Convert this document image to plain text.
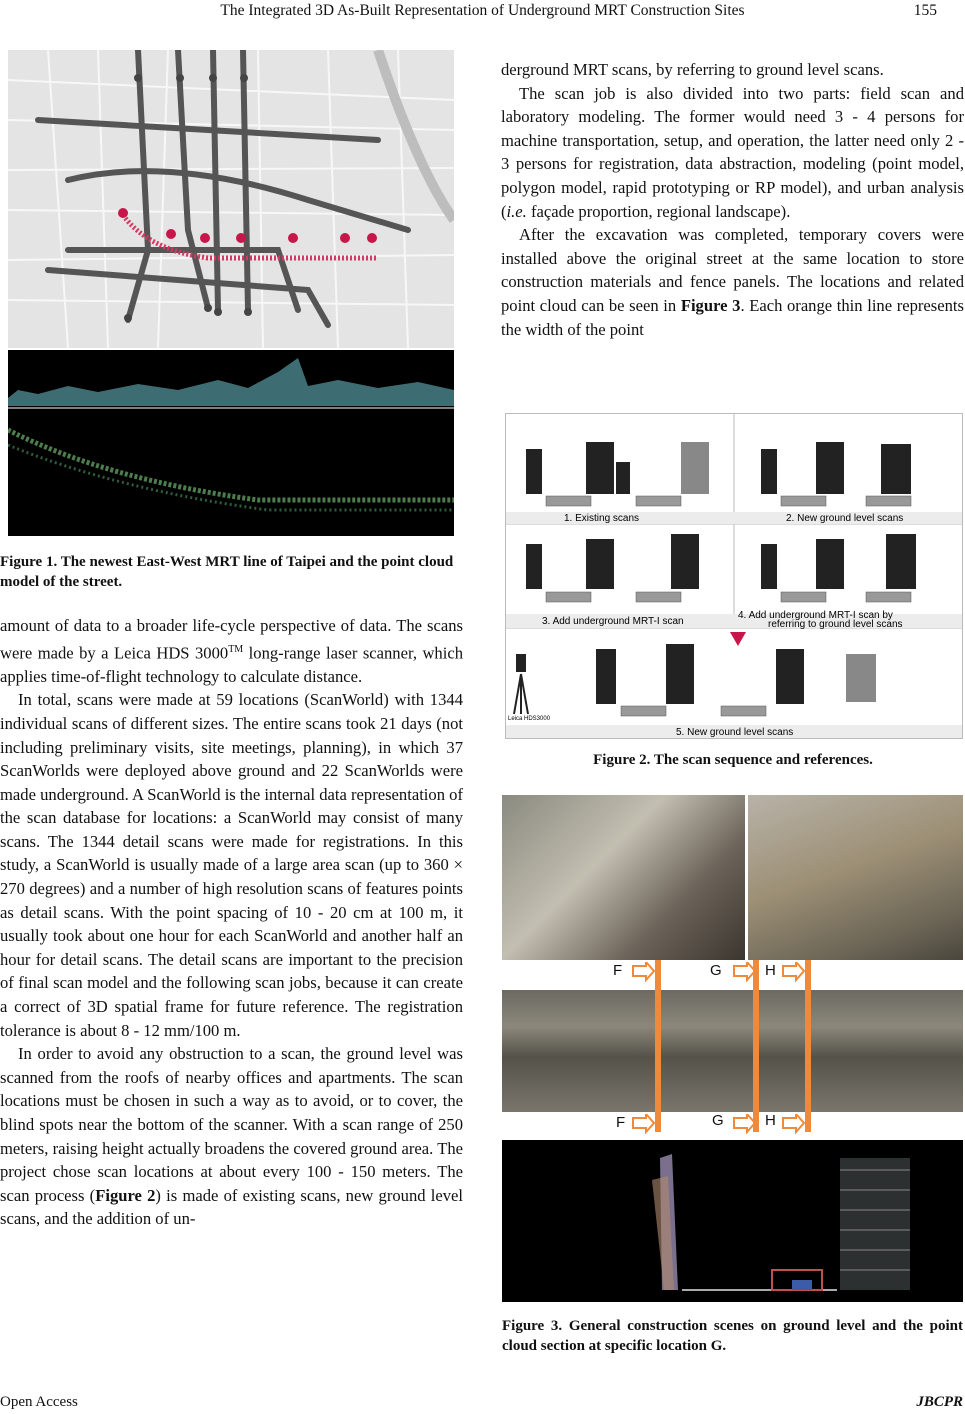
The Integrated 3D As-Built Representation of Underground MRT Construction Sites	155
Figure 1. The newest East-West MRT line of Taipei and the point cloud model of the street.

amount of data to a broader life-cycle perspective of data. The scans were made by a Leica HDS 3000™ long-range laser scanner, which applies time-of-flight technology to calculate distance.

In total, scans were made at 59 locations (ScanWorld) with 1344 individual scans of different sizes. The entire scans took 21 days (not including preliminary visits, site meetings, planning), in which 37 ScanWorlds were deployed above ground and 22 ScanWorlds were made underground. A ScanWorld is the internal data representation of the scan database for locations: a ScanWorld may consist of many scans. The 1344 detail scans were made for registrations. In this study, a ScanWorld is usually made of a large area scan (up to 360 × 270 degrees) and a number of high resolution scans of features points as detail scans. With the point spacing of 10 - 20 cm at 100 m, it usually took about one hour for each ScanWorld and another half an hour for detail scans. The detail scans are important to the precision of final scan model and the following scan jobs, because it can create a correct of 3D spatial frame for future reference. The registration tolerance is about 8 - 12 mm/100 m.

In order to avoid any obstruction to a scan, the ground level was scanned from the roofs of nearby offices and apartments. The scan locations must be chosen in such a way as to avoid, or to cover, the blind spots near the bottom of the scanner. With a scan range of 250 meters, raising height actually broadens the covered ground area. The project chose scan locations at about every 100 - 150 meters. The scan process (Figure 2) is made of existing scans, new ground level scans, and the addition of un-

derground MRT scans, by referring to ground level scans.

The scan job is also divided into two parts: field scan and laboratory modeling. The former would need 3 - 4 persons for machine transportation, setup, and operation, the latter need only 2 - 3 persons for registration, data abstraction, modeling (point model, polygon model, rapid prototyping or RP model), and urban analysis (i.e. façade proportion, regional landscape).

After the excavation was completed, temporary covers were installed above the original street at the same location to store construction materials and fence panels. The locations and related point cloud can be seen in Figure 3. Each orange thin line represents the width of the point

1. Existing scans	2. New ground level scans
3. Add underground MRT-I scan
4. Add underground MRT-I scan by
referring to ground level scans
5. New ground level scans
Leica HDS3000
Figure 2. The scan sequence and references.
F	G	H
F	G	H
Figure 3. General construction scenes on ground level and the point cloud section at specific location G.
Open Access	JBCPR
